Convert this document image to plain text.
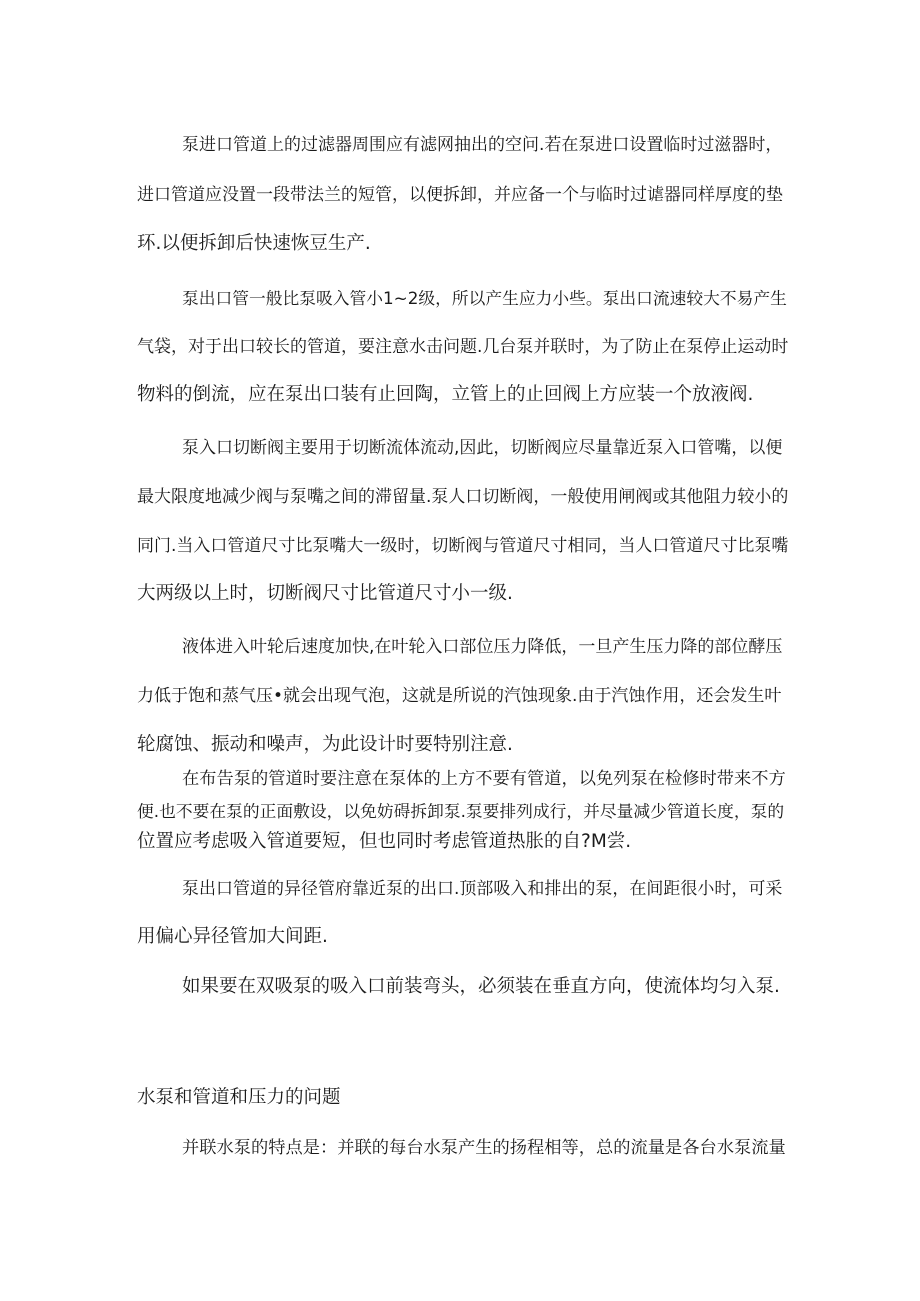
泵进口管道上的过滤器周围应有滤网抽出的空问.若在泵进口设置临时过滋器时，

进口管道应没置一段带法兰的短管，以便拆卸，并应备一个与临时过谑器同样厚度的垫

环.以便拆卸后快速恢豆生产.

泵出口管一般比泵吸入管小1~2级，所以产生应力小些。泵出口流速较大不易产生

气袋，对于出口较长的管道，要注意水击问题.几台泵并联时，为了防止在泵停止运动时

物料的倒流，应在泵出口装有止回陶，立管上的止回阀上方应装一个放液阀.

泵入口切断阀主要用于切断流体流动,因此，切断阀应尽量靠近泵入口管嘴，以便

最大限度地减少阀与泵嘴之间的滞留量.泵人口切断阀，一般使用闸阀或其他阻力较小的

同门.当入口管道尺寸比泵嘴大一级时，切断阀与管道尺寸相同，当人口管道尺寸比泵嘴

大两级以上时，切断阀尺寸比管道尺寸小一级.

液体进入叶轮后速度加快,在叶轮入口部位压力降低，一旦产生压力降的部位酵压

力低于饱和蒸气压•就会出现气泡，这就是所说的汽蚀现象.由于汽蚀作用，还会发生叶

轮腐蚀、振动和噪声，为此设计时要特别注意.

在布告泵的管道时要注意在泵体的上方不要有管道，以免列泵在检修时带来不方

便.也不要在泵的正面敷设，以免妨碍拆卸泵.泵要排列成行，并尽量减少管道长度，泵的

位置应考虑吸入管道要短，但也同时考虑管道热胀的自?M尝.

泵出口管道的异径管府靠近泵的出口.顶部吸入和排出的泵，在间距很小时，可采

用偏心异径管加大间距.

如果要在双吸泵的吸入口前装弯头，必须装在垂直方向，使流体均匀入泵.

水泵和管道和压力的问题

并联水泵的特点是：并联的每台水泵产生的扬程相等，总的流量是各台水泵流量
